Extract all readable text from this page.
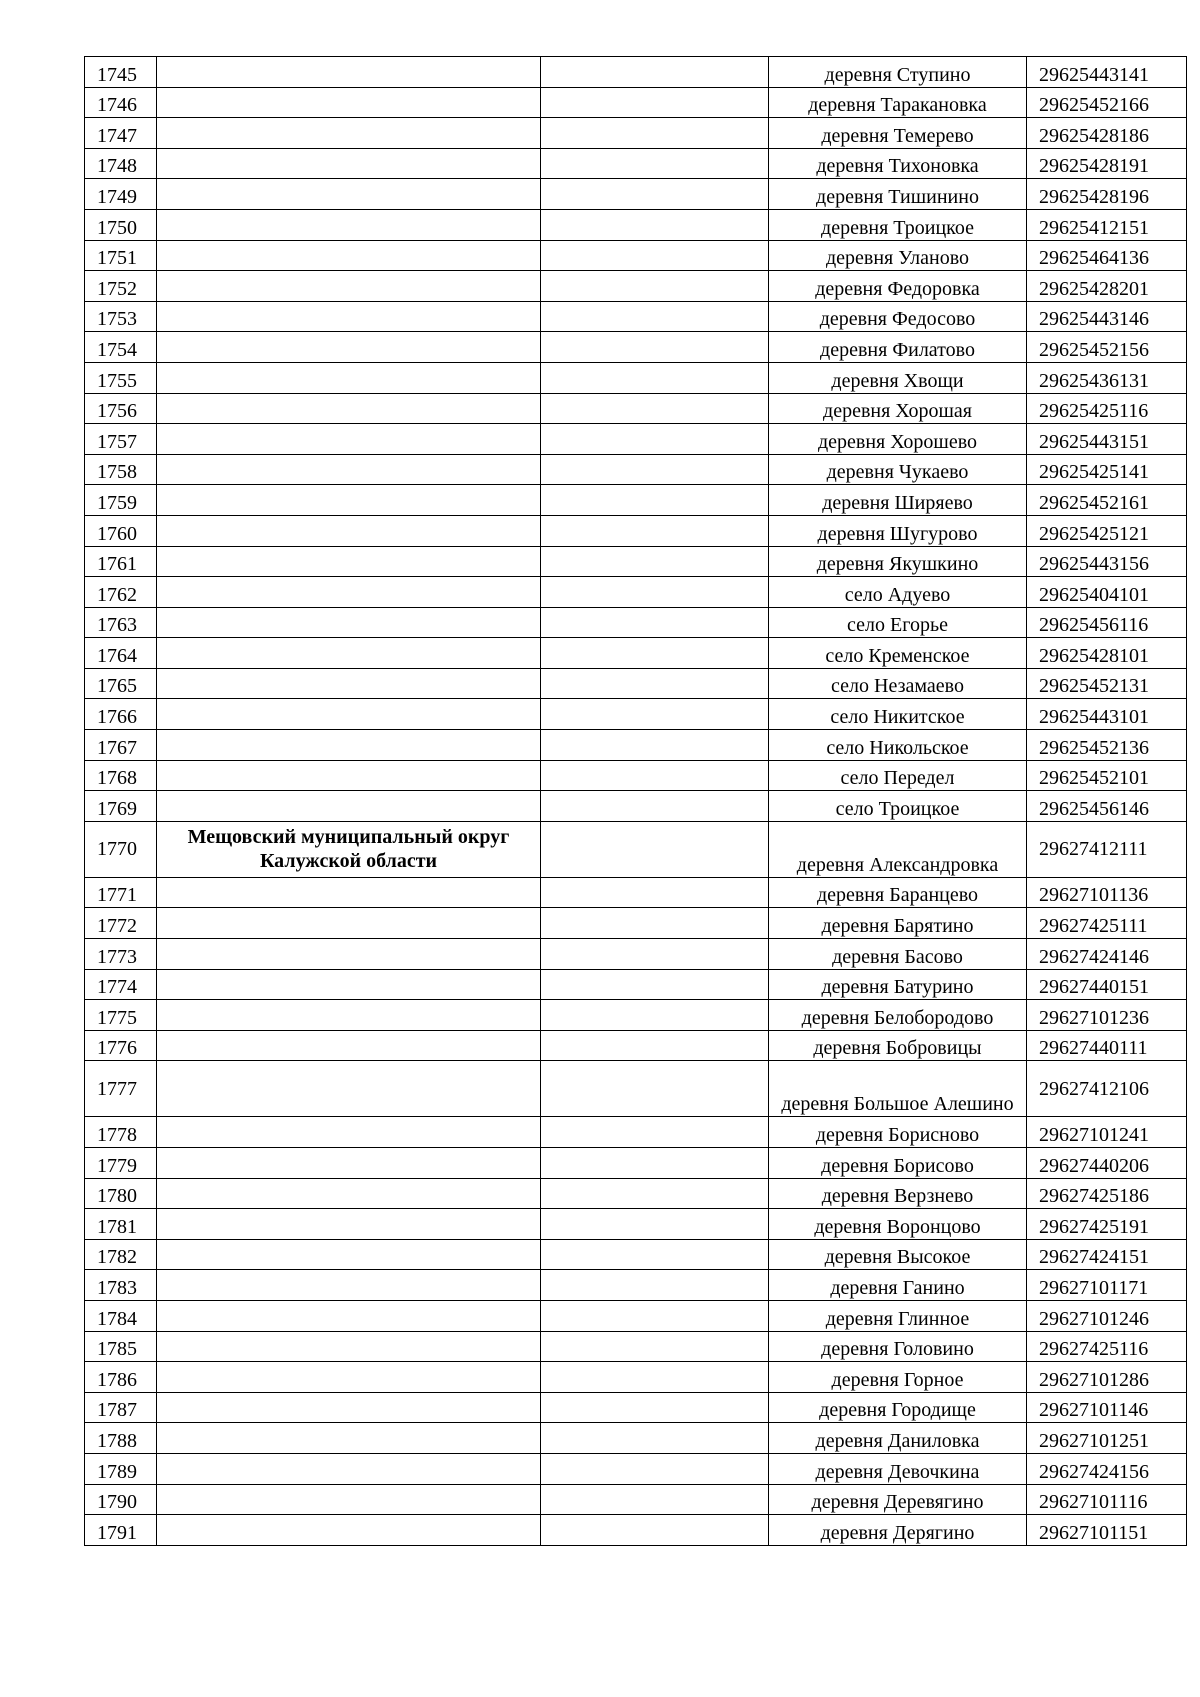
1745			деревня Ступино	29625443141
1746			деревня Таракановка	29625452166
1747			деревня Темерево	29625428186
1748			деревня Тихоновка	29625428191
1749			деревня Тишинино	29625428196
1750			деревня Троицкое	29625412151
1751			деревня Уланово	29625464136
1752			деревня Федоровка	29625428201
1753			деревня Федосово	29625443146
1754			деревня Филатово	29625452156
1755			деревня Хвощи	29625436131
1756			деревня Хорошая	29625425116
1757			деревня Хорошево	29625443151
1758			деревня Чукаево	29625425141
1759			деревня Ширяево	29625452161
1760			деревня Шугурово	29625425121
1761			деревня Якушкино	29625443156
1762			село Адуево	29625404101
1763			село Егорье	29625456116
1764			село Кременское	29625428101
1765			село Незамаево	29625452131
1766			село Никитское	29625443101
1767			село Никольское	29625452136
1768			село Передел	29625452101
1769			село Троицкое	29625456146
1770	Мещовский муниципальный округ Калужской области		деревня Александровка	29627412111
1771			деревня Баранцево	29627101136
1772			деревня Барятино	29627425111
1773			деревня Басово	29627424146
1774			деревня Батурино	29627440151
1775			деревня Белобородово	29627101236
1776			деревня Бобровицы	29627440111
1777			деревня Большое Алешино	29627412106
1778			деревня Борисново	29627101241
1779			деревня Борисово	29627440206
1780			деревня Верзнево	29627425186
1781			деревня Воронцово	29627425191
1782			деревня Высокое	29627424151
1783			деревня Ганино	29627101171
1784			деревня Глинное	29627101246
1785			деревня Головино	29627425116
1786			деревня Горное	29627101286
1787			деревня Городище	29627101146
1788			деревня Даниловка	29627101251
1789			деревня Девочкина	29627424156
1790			деревня Деревягино	29627101116
1791			деревня Дерягино	29627101151
